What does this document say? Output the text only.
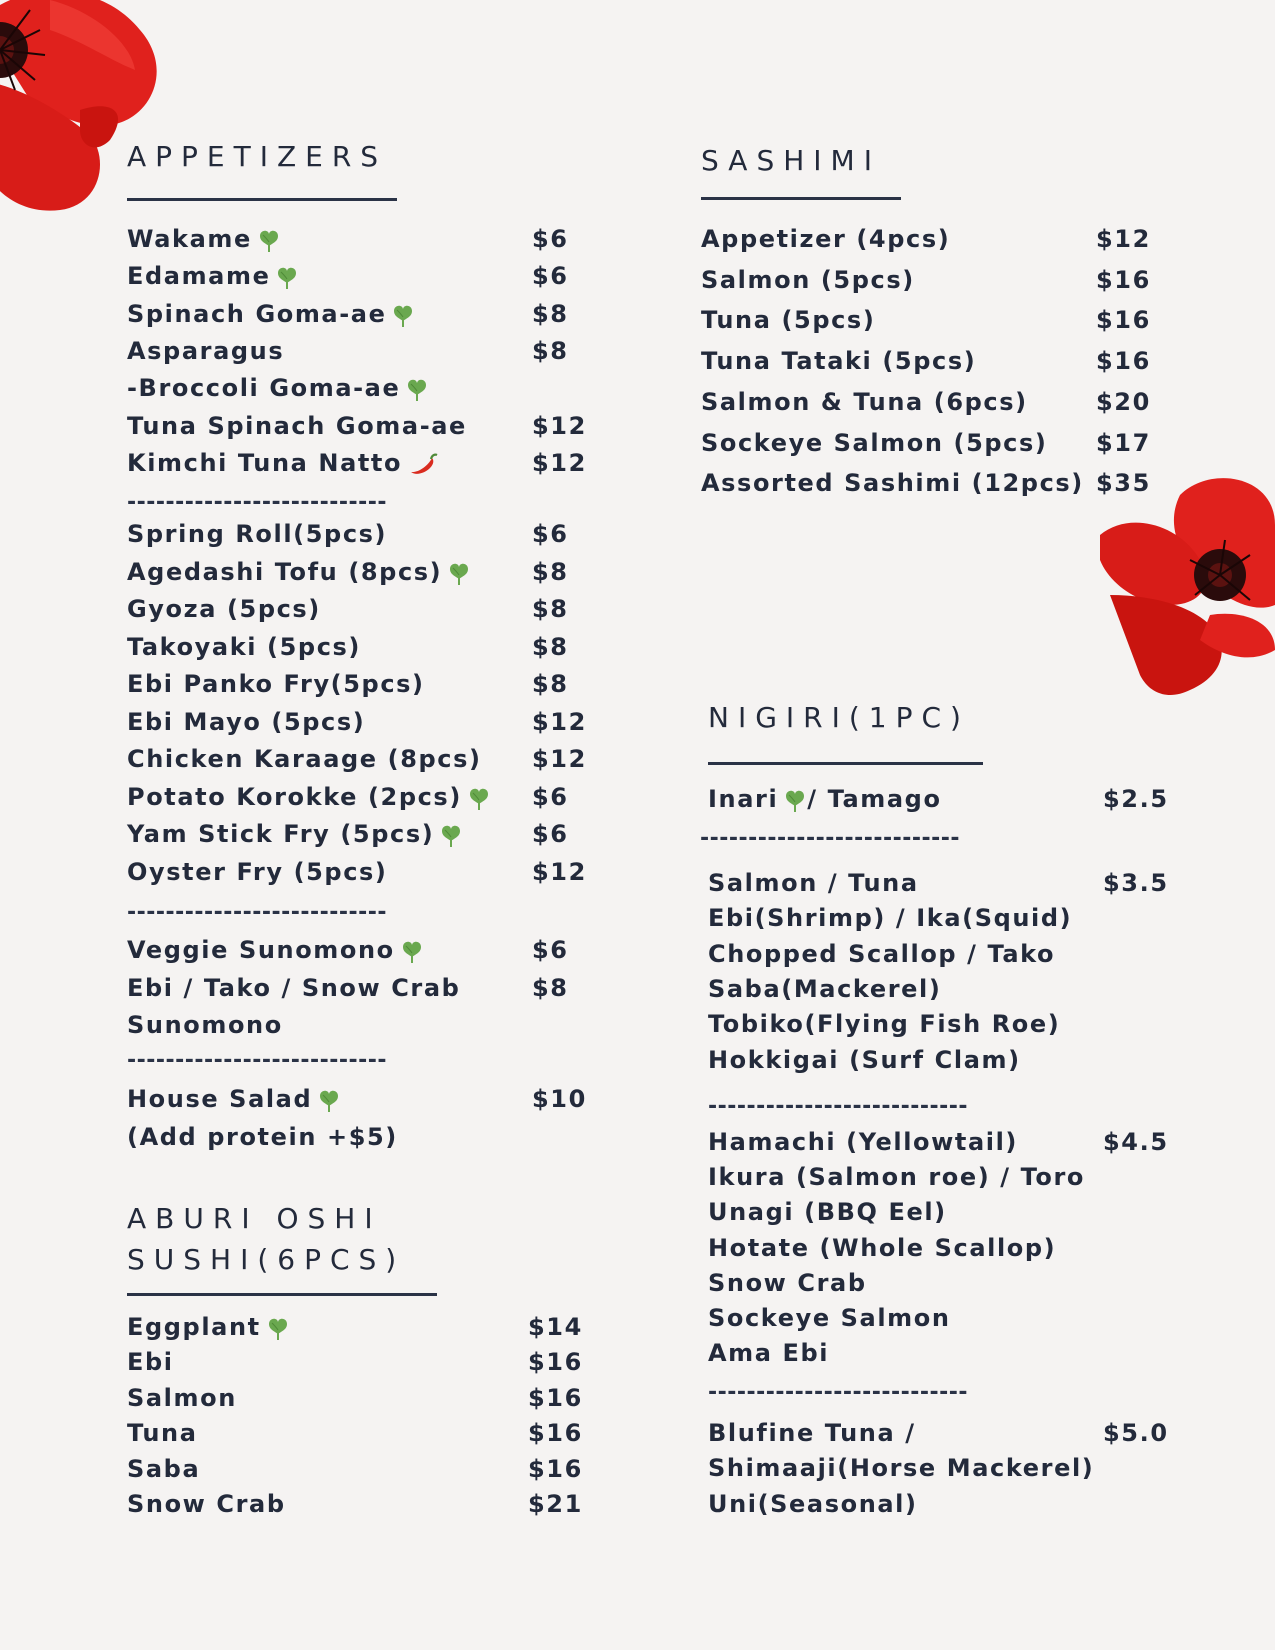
APPETIZERS
Wakame	$6
Edamame	$6
Spinach Goma-ae	$8
Asparagus	$8
-Broccoli Goma-ae
Tuna Spinach Goma-ae	$12
Kimchi Tuna Natto	$12
---------------------------
Spring Roll(5pcs)	$6
Agedashi Tofu (8pcs)	$8
Gyoza (5pcs)	$8
Takoyaki (5pcs)	$8
Ebi Panko Fry(5pcs)	$8
Ebi Mayo (5pcs)	$12
Chicken Karaage (8pcs) $12
Potato Korokke (2pcs)	$6
Yam Stick Fry (5pcs)	$6
Oyster Fry (5pcs)	$12
---------------------------
Veggie Sunomono	$6
Ebi / Tako / Snow Crab	$8
Sunomono
---------------------------
House Salad	$10
(Add protein +$5)
ABURI OSHI
SUSHI(6PCS)
Eggplant	$14
Ebi	$16
Salmon	$16
Tuna	$16
Saba	$16
Snow Crab	$21
SASHIMI
Appetizer (4pcs)	$12
Salmon (5pcs)	$16
Tuna (5pcs)	$16
Tuna Tataki (5pcs)	$16
Salmon & Tuna (6pcs)	$20
Sockeye Salmon (5pcs) $17
Assorted Sashimi (12pcs) $35
NIGIRI(1PC)
Inari / Tamago	$2.5
---------------------------
Salmon / Tuna	$3.5
Ebi(Shrimp) / Ika(Squid)
Chopped Scallop / Tako
Saba(Mackerel)
Tobiko(Flying Fish Roe)
Hokkigai (Surf Clam)
---------------------------
Hamachi (Yellowtail)	$4.5
Ikura (Salmon roe) / Toro
Unagi (BBQ Eel)
Hotate (Whole Scallop)
Snow Crab
Sockeye Salmon
Ama Ebi
---------------------------
Blufine Tuna /	$5.0
Shimaaji(Horse Mackerel)
Uni(Seasonal)
